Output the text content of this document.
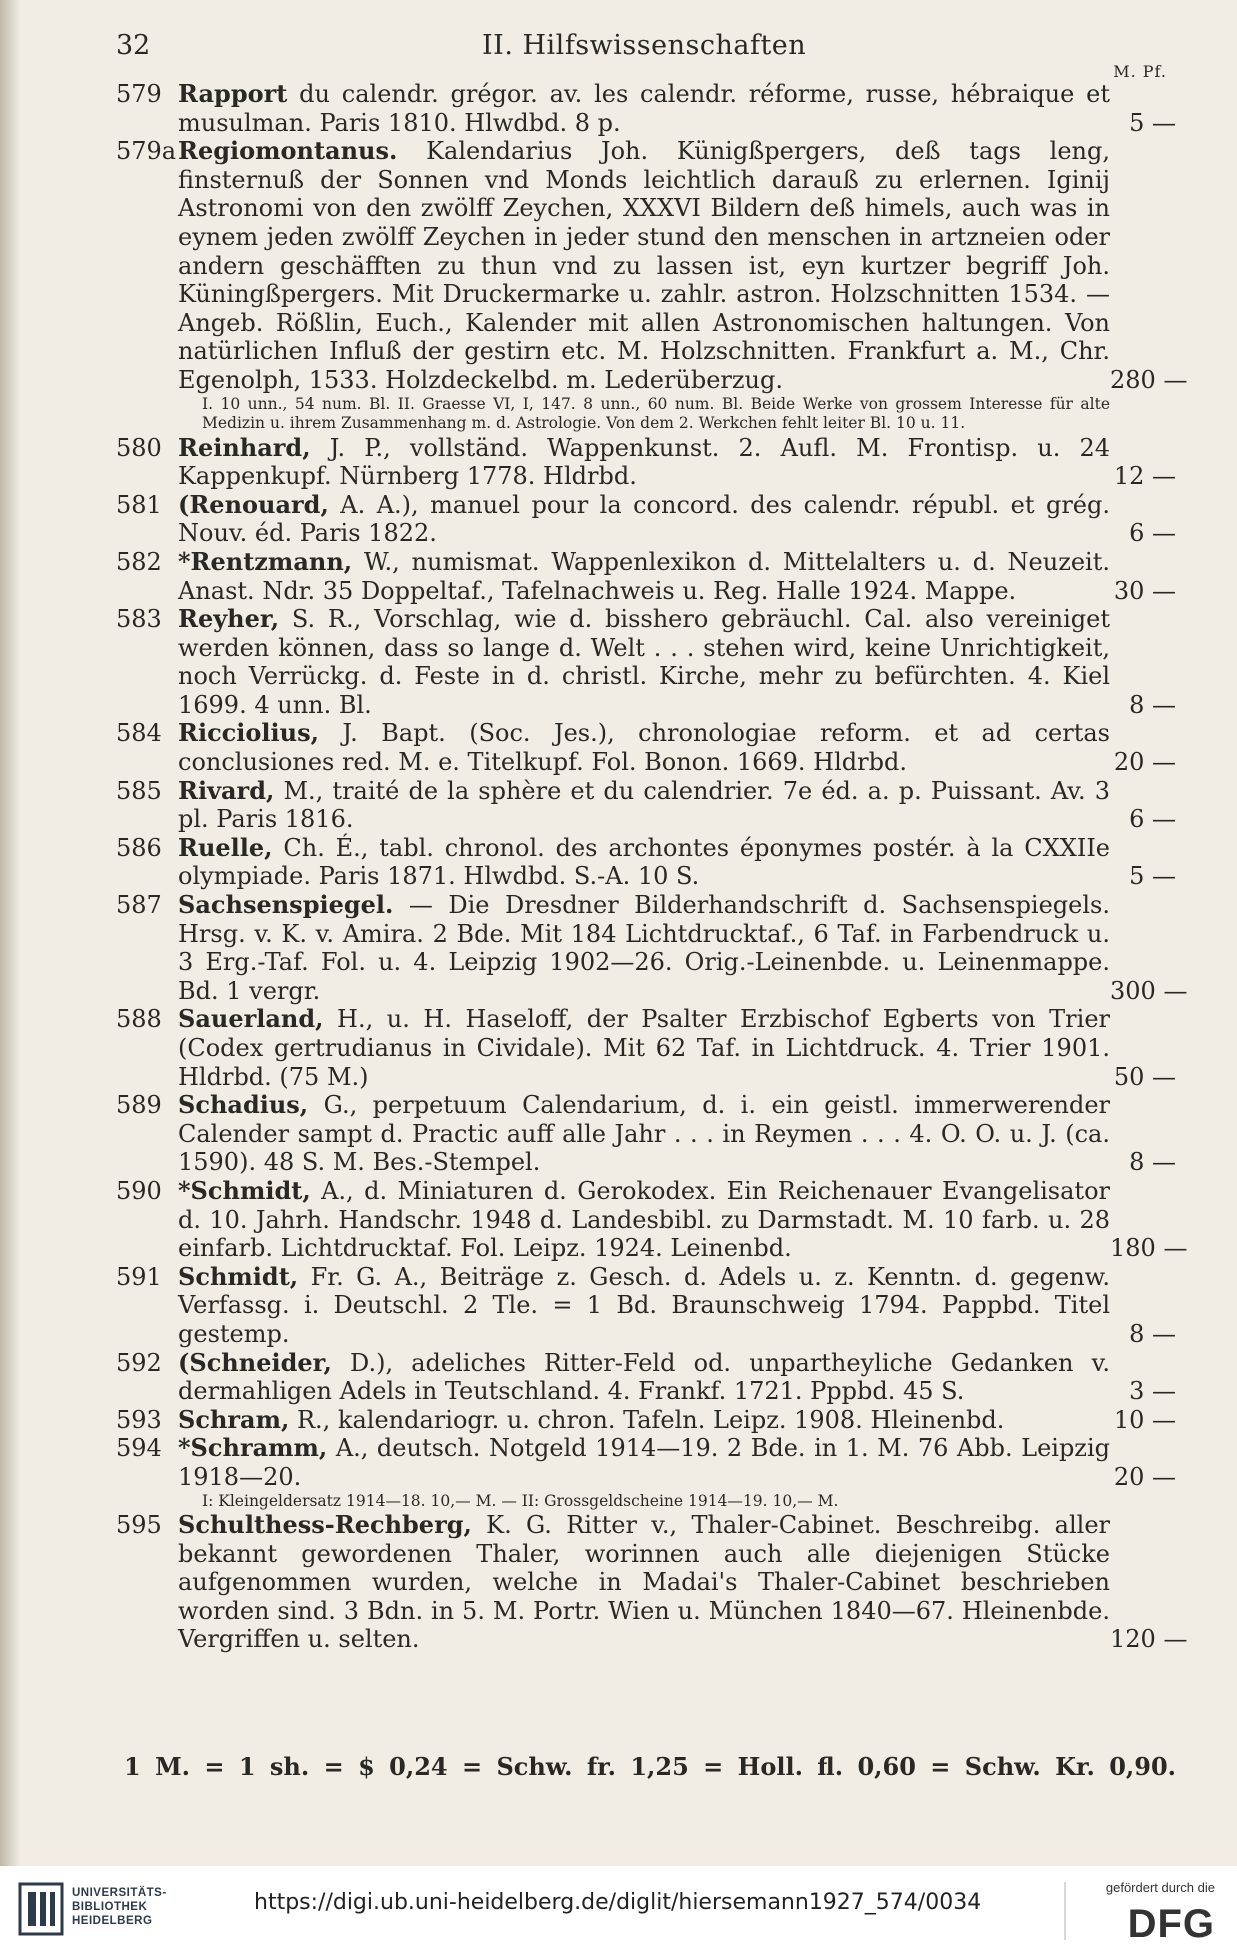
32	II. Hilfswissenschaften
M. Pf.
579 Rapport du calendr. grégor. av. les calendr. réforme, russe, hébraique et musulman. Paris 1810. Hlwdbd. 8 p.	5 —
579a Regiomontanus. Kalendarius Joh. Künigßpergers, deß tags leng, finsternuß der Sonnen vnd Monds leichtlich darauß zu erlernen. Iginij Astronomi von den zwölff Zeychen, XXXVI Bildern deß himels, auch was in eynem jeden zwölff Zeychen in jeder stund den menschen in artzneien oder andern geschäfften zu thun vnd zu lassen ist, eyn kurtzer begriff Joh. Küningßpergers. Mit Druckermarke u. zahlr. astron. Holzschnitten 1534. — Angeb. Rößlin, Euch., Kalender mit allen Astronomischen haltungen. Von natürlichen Influß der gestirn etc. M. Holzschnitten. Frankfurt a. M., Chr. Egenolph, 1533. Holzdeckelbd. m. Lederüberzug.	280 —
I. 10 unn., 54 num. Bl. II. Graesse VI, I, 147. 8 unn., 60 num. Bl. Beide Werke von grossem Interesse für alte Medizin u. ihrem Zusammenhang m. d. Astrologie. Von dem 2. Werkchen fehlt leiter Bl. 10 u. 11.
580 Reinhard, J. P., vollständ. Wappenkunst. 2. Aufl. M. Frontisp. u. 24 Kappenkupf. Nürnberg 1778. Hldrbd.	12 —
581 (Renouard, A. A.), manuel pour la concord. des calendr. républ. et grég. Nouv. éd. Paris 1822.	6 —
582 *Rentzmann, W., numismat. Wappenlexikon d. Mittelalters u. d. Neuzeit. Anast. Ndr. 35 Doppeltaf., Tafelnachweis u. Reg. Halle 1924. Mappe.	30 —
583 Reyher, S. R., Vorschlag, wie d. bisshero gebräuchl. Cal. also vereiniget werden können, dass so lange d. Welt . . . stehen wird, keine Unrichtigkeit, noch Verrückg. d. Feste in d. christl. Kirche, mehr zu befürchten. 4. Kiel 1699. 4 unn. Bl.	8 —
584 Ricciolius, J. Bapt. (Soc. Jes.), chronologiae reform. et ad certas conclusiones red. M. e. Titelkupf. Fol. Bonon. 1669. Hldrbd.	20 —
585 Rivard, M., traité de la sphère et du calendrier. 7e éd. a. p. Puissant. Av. 3 pl. Paris 1816.	6 —
586 Ruelle, Ch. É., tabl. chronol. des archontes éponymes postér. à la CXXIIe olympiade. Paris 1871. Hlwdbd. S.-A. 10 S.	5 —
587 Sachsenspiegel. — Die Dresdner Bilderhandschrift d. Sachsenspiegels. Hrsg. v. K. v. Amira. 2 Bde. Mit 184 Lichtdrucktaf., 6 Taf. in Farbendruck u. 3 Erg.-Taf. Fol. u. 4. Leipzig 1902—26. Orig.-Leinenbde. u. Leinenmappe. Bd. 1 vergr.	300 —
588 Sauerland, H., u. H. Haseloff, der Psalter Erzbischof Egberts von Trier (Codex gertrudianus in Cividale). Mit 62 Taf. in Lichtdruck. 4. Trier 1901. Hldrbd. (75 M.)	50 —
589 Schadius, G., perpetuum Calendarium, d. i. ein geistl. immerwerender Calender sampt d. Practic auff alle Jahr . . . in Reymen . . . 4. O. O. u. J. (ca. 1590). 48 S. M. Bes.-Stempel.	8 —
590 *Schmidt, A., d. Miniaturen d. Gerokodex. Ein Reichenauer Evangelisator d. 10. Jahrh. Handschr. 1948 d. Landesbibl. zu Darmstadt. M. 10 farb. u. 28 einfarb. Lichtdrucktaf. Fol. Leipz. 1924. Leinenbd.	180 —
591 Schmidt, Fr. G. A., Beiträge z. Gesch. d. Adels u. z. Kenntn. d. gegenw. Verfassg. i. Deutschl. 2 Tle. = 1 Bd. Braunschweig 1794. Pappbd. Titel gestemp.	8 —
592 (Schneider, D.), adeliches Ritter-Feld od. unpartheyliche Gedanken v. dermahligen Adels in Teutschland. 4. Frankf. 1721. Pppbd. 45 S.	3 —
593 Schram, R., kalendariogr. u. chron. Tafeln. Leipz. 1908. Hleinenbd.	10 —
594 *Schramm, A., deutsch. Notgeld 1914—19. 2 Bde. in 1. M. 76 Abb. Leipzig 1918—20.	20 —
I: Kleingeldersatz 1914—18. 10,— M. — II: Grossgeldscheine 1914—19. 10,— M.
595 Schulthess-Rechberg, K. G. Ritter v., Thaler-Cabinet. Beschreibg. aller bekannt gewordenen Thaler, worinnen auch alle diejenigen Stücke aufgenommen wurden, welche in Madai's Thaler-Cabinet beschrieben worden sind. 3 Bdn. in 5. M. Portr. Wien u. München 1840—67. Hleinenbde. Vergriffen u. selten.	120 —
1 M. = 1 sh. = $ 0,24 = Schw. fr. 1,25 = Holl. fl. 0,60 = Schw. Kr. 0,90.
UNIVERSITÄTS-
BIBLIOTHEK
HEIDELBERG
https://digi.ub.uni-heidelberg.de/diglit/hiersemann1927_574/0034
gefördert durch die
DFG
